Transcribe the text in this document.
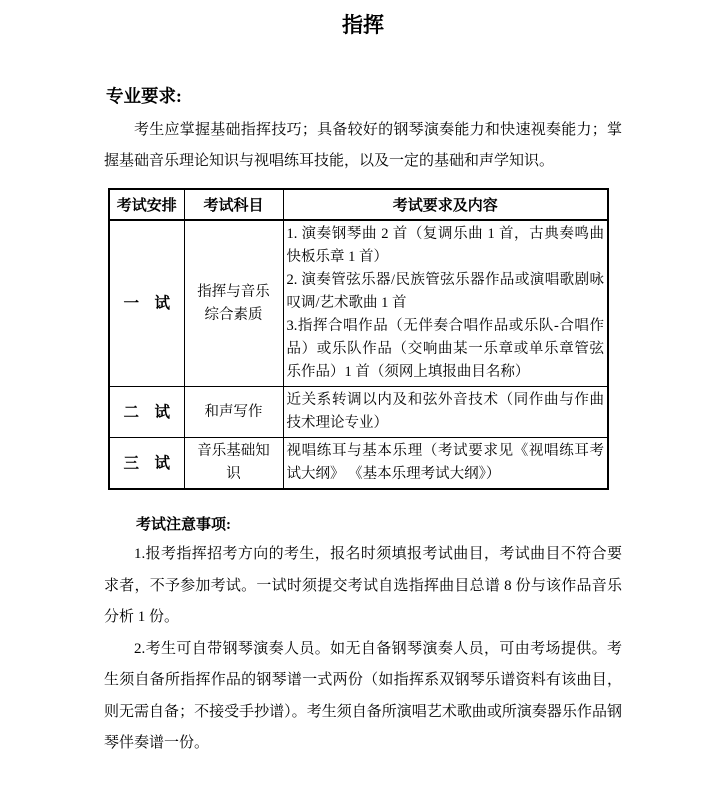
指挥
专业要求:
考生应掌握基础指挥技巧；具备较好的钢琴演奏能力和快速视奏能力；掌握基础音乐理论知识与视唱练耳技能，以及一定的基础和声学知识。
考试安排	考试科目	考试要求及内容
一　试	指挥与音乐综合素质	1. 演奏钢琴曲 2 首（复调乐曲 1 首，古典奏鸣曲快板乐章 1 首）
2. 演奏管弦乐器/民族管弦乐器作品或演唱歌剧咏叹调/艺术歌曲 1 首
3.指挥合唱作品（无伴奏合唱作品或乐队-合唱作品）或乐队作品（交响曲某一乐章或单乐章管弦乐作品）1 首（须网上填报曲目名称）

二　试	和声写作	近关系转调以内及和弦外音技术（同作曲与作曲技术理论专业）

三　试	音乐基础知识	视唱练耳与基本乐理（考试要求见《视唱练耳考试大纲》 《基本乐理考试大纲》）
考试注意事项:

1.报考指挥招考方向的考生，报名时须填报考试曲目，考试曲目不符合要求者，不予参加考试。一试时须提交考试自选指挥曲目总谱 8 份与该作品音乐分析 1 份。

2.考生可自带钢琴演奏人员。如无自备钢琴演奏人员，可由考场提供。考生须自备所指挥作品的钢琴谱一式两份（如指挥系双钢琴乐谱资料有该曲目，则无需自备；不接受手抄谱）。考生须自备所演唱艺术歌曲或所演奏器乐作品钢琴伴奏谱一份。
